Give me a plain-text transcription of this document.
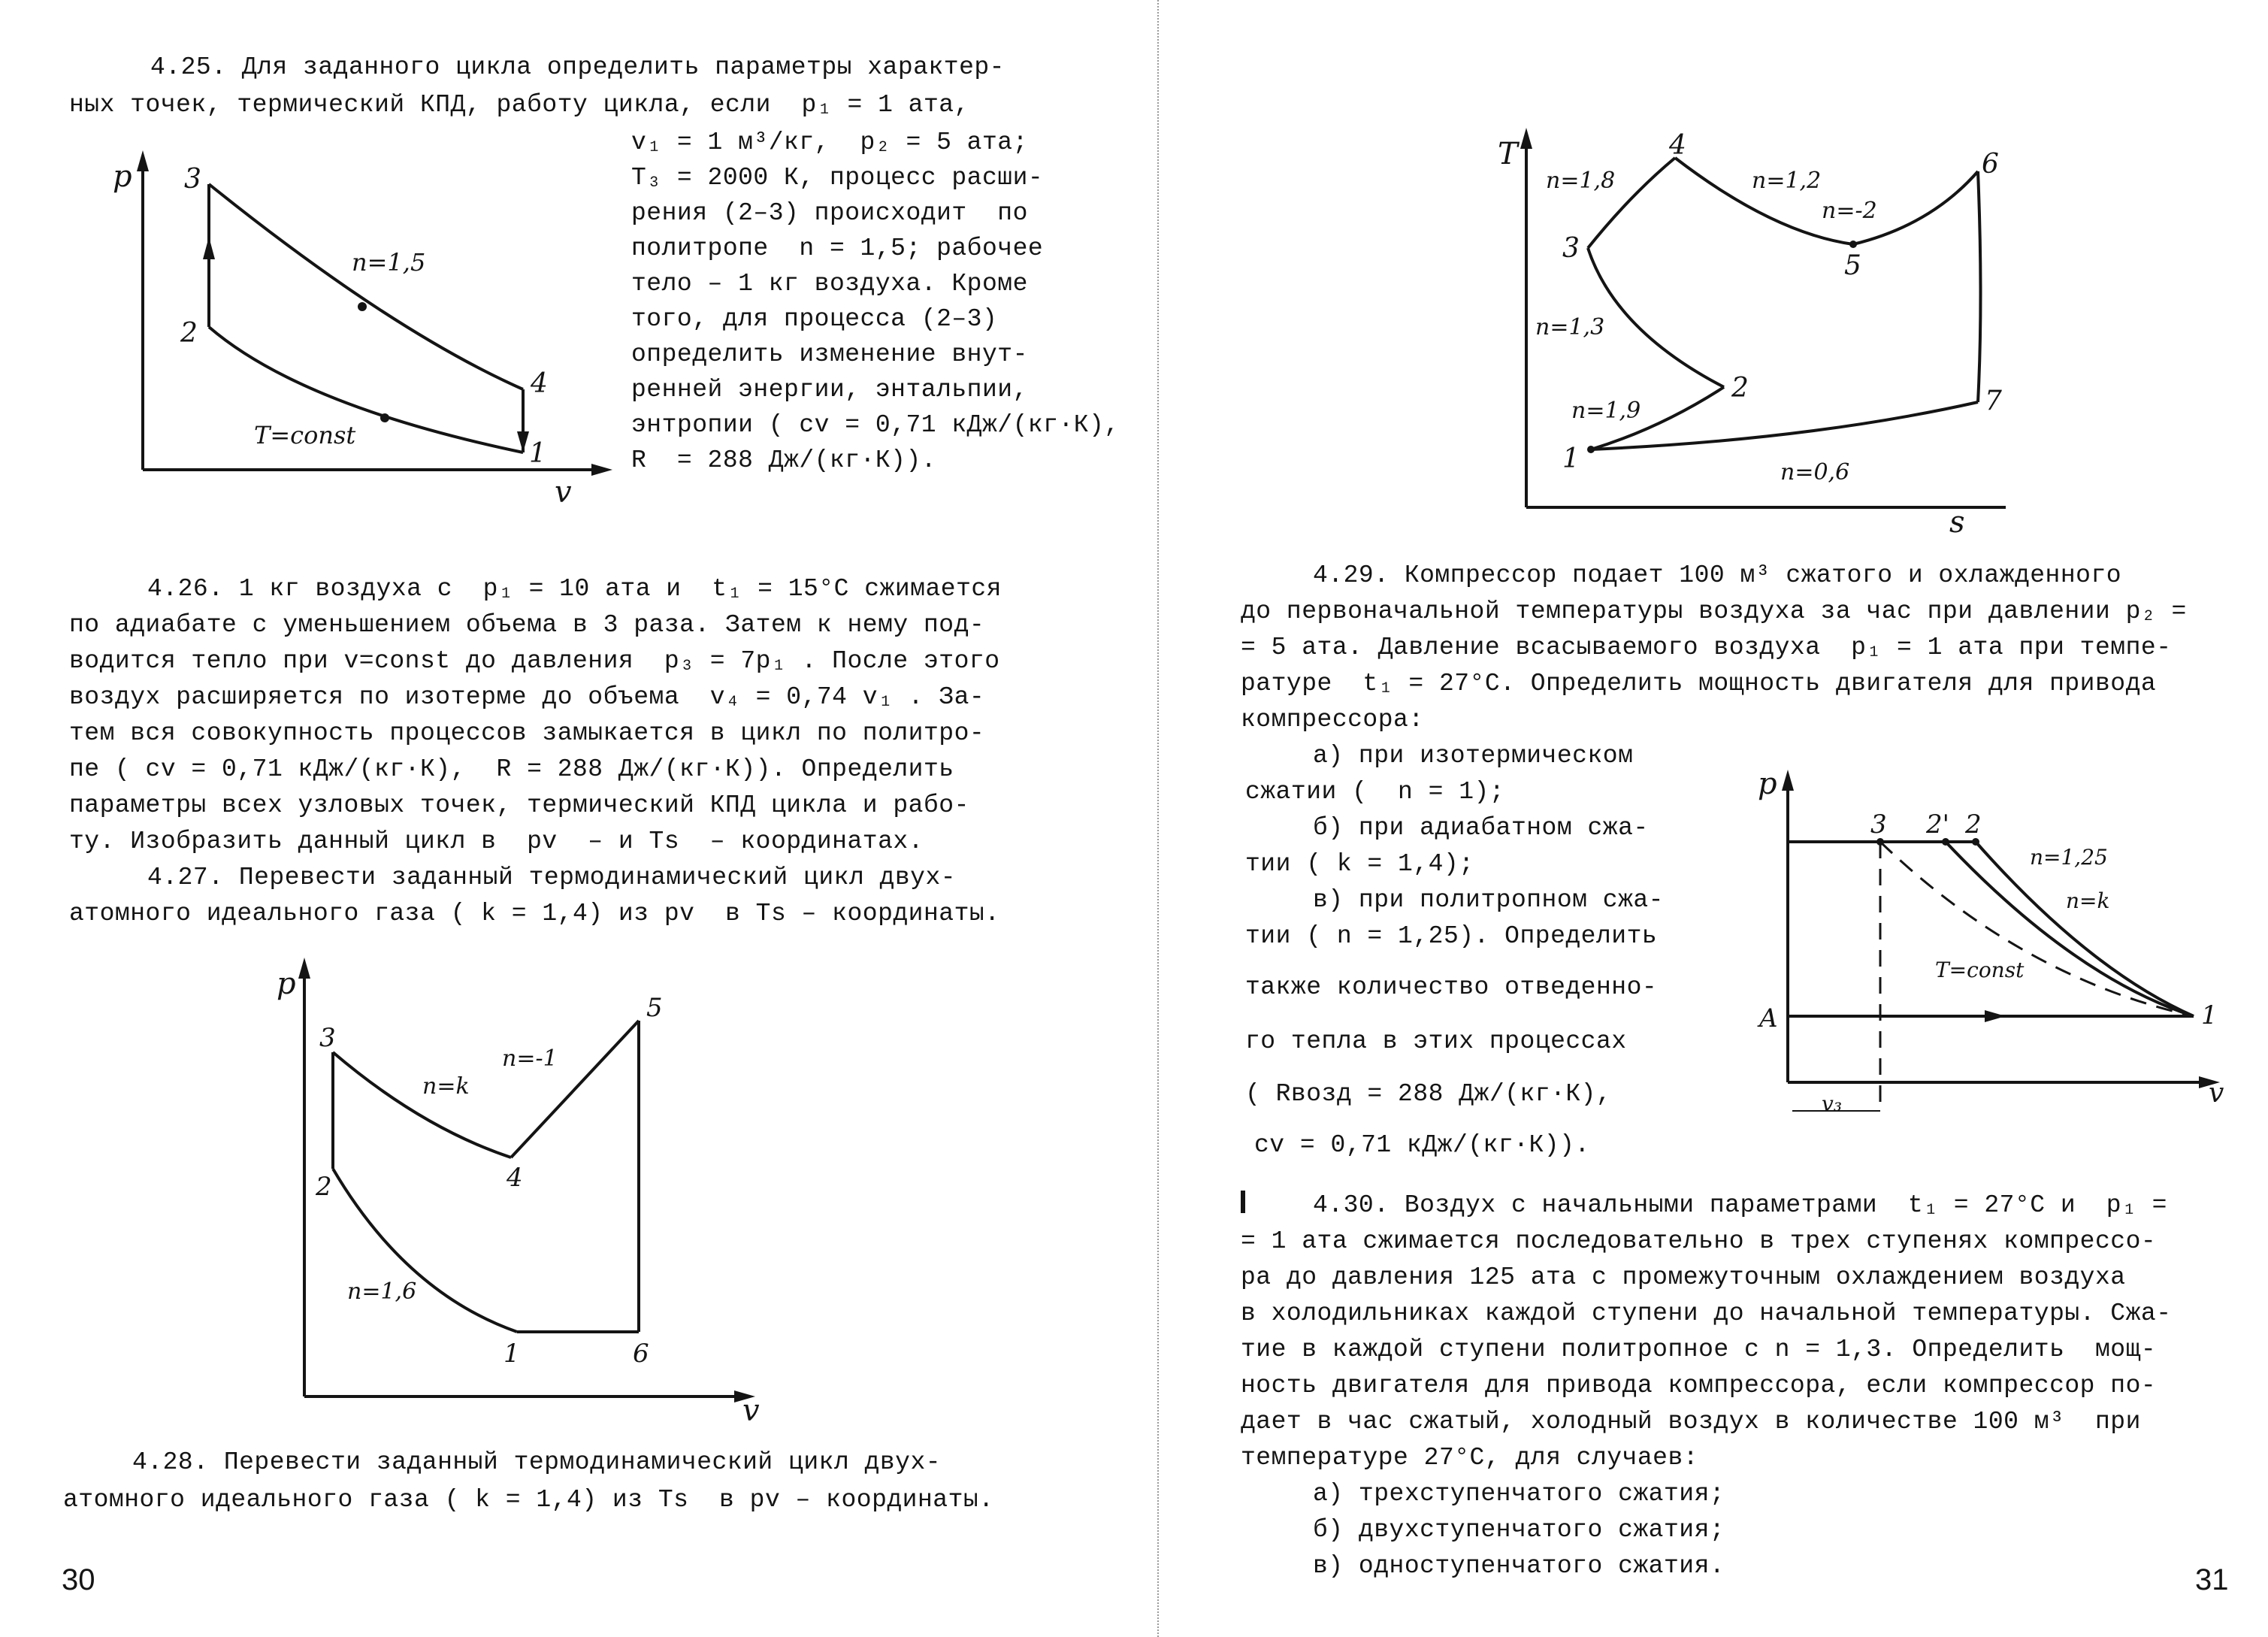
4.25. Для заданного цикла определить параметры характер-
ных точек, термический КПД, работу цикла, если  p₁ = 1 ата,
v₁ = 1 м³/кг,  p₂ = 5 ата;
T₃ = 2000 К, процесс расши-
рения (2–3) происходит  по
политропе  n = 1,5; рабочее
тело – 1 кг воздуха. Кроме
того, для процесса (2–3)
определить изменение внут-
ренней энергии, энтальпии,
энтропии ( cv = 0,71 кДж/(кг·К),
R  = 288 Дж/(кг·К)).
p
v
3
2
4
1
n=1,5
T=const
4.26. 1 кг воздуха с  p₁ = 10 ата и  t₁ = 15°C сжимается
по адиабате с уменьшением объема в 3 раза. Затем к нему под-
водится тепло при v=const до давления  p₃ = 7p₁ . После этого
воздух расширяется по изотерме до объема  v₄ = 0,74 v₁ . За-
тем вся совокупность процессов замыкается в цикл по политро-
пе ( cv = 0,71 кДж/(кг·К),  R = 288 Дж/(кг·К)). Определить
параметры всех узловых точек, термический КПД цикла и рабо-
ту. Изобразить данный цикл в  pv  – и Ts  – координатах.
4.27. Перевести заданный термодинамический цикл двух-
атомного идеального газа ( k = 1,4) из pv  в Ts – координаты.
p
v
3
2	4
5
1	6
n=k
n=-1
n=1,6
4.28. Перевести заданный термодинамический цикл двух-
атомного идеального газа ( k = 1,4) из Ts  в pv – координаты.
30
T
s
1
2
3
4
5
6
7
n=1,8	n=1,2
n=-2
n=1,3
n=1,9
n=0,6
4.29. Компрессор подает 100 м³ сжатого и охлажденного
до первоначальной температуры воздуха за час при давлении p₂ =
= 5 ата. Давление всасываемого воздуха  p₁ = 1 ата при темпе-
ратуре  t₁ = 27°C. Определить мощность двигателя для привода
компрессора:
а) при изотермическом
сжатии (  n = 1);
б) при адиабатном сжа-
тии ( k = 1,4);
в) при политропном сжа-
тии ( n = 1,25). Определить
также количество отведенно-
го тепла в этих процессах
( Rвозд = 288 Дж/(кг·К),
cv = 0,71 кДж/(кг·К)).
p
v
3 2' 2
1
A
n=1,25
n=k
T=const
v₃
4.30. Воздух с начальными параметрами  t₁ = 27°C и  p₁ =
= 1 ата сжимается последовательно в трех ступенях компрессо-
ра до давления 125 ата с промежуточным охлаждением воздуха
в холодильниках каждой ступени до начальной температуры. Сжа-
тие в каждой ступени политропное с n = 1,3. Определить  мощ-
ность двигателя для привода компрессора, если компрессор по-
дает в час сжатый, холодный воздух в количестве 100 м³  при
температуре 27°C, для случаев:
а) трехступенчатого сжатия;
б) двухступенчатого сжатия;
в) одноступенчатого сжатия.	31
